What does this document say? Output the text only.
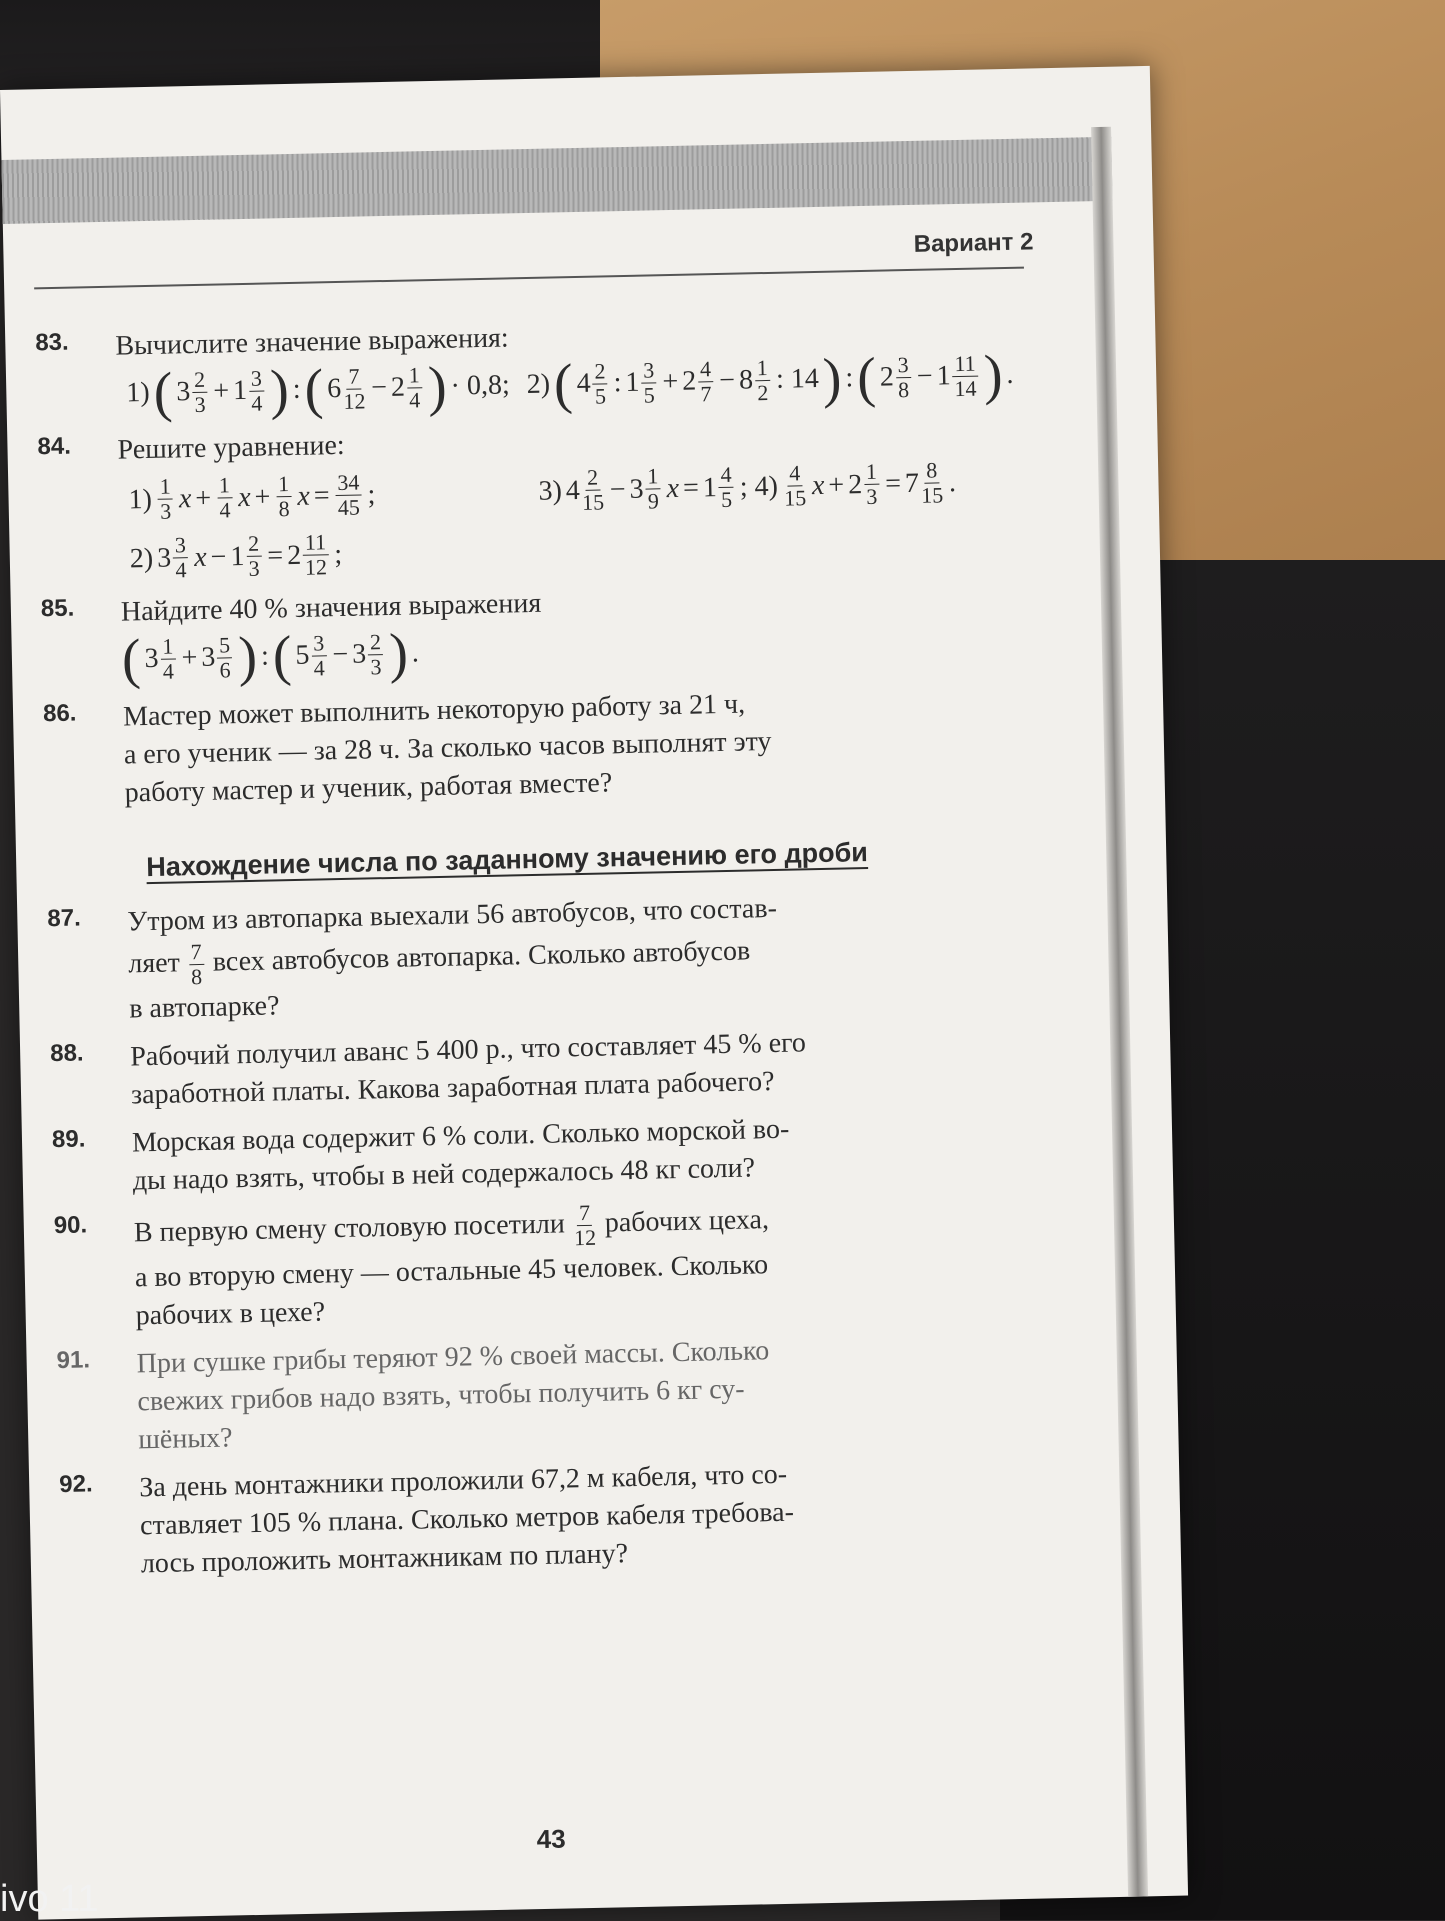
Вариант 2
83. Вычислите значение выражения:
1) ( $3 \frac{2}{3} + 1 \frac{3}{4}$ ) : ( $6 \frac{7}{12} - 2 \frac{1}{4}$ ) · 0,8;
2) ( $4 \frac{2}{5}$ : $1 \frac{3}{5} + 2 \frac{4}{7} - 8 \frac{1}{2}$ : 14 ) : ( $2 \frac{3}{8} - 1 \frac{11}{14}$ ) .
84. Решите уравнение:
$1) \frac{1}{3}$ $x + \frac{1}{4}$ $x + \frac{1}{8}$ $x = \frac{34}{45}$ ;

2) $3 \frac{3}{4}$ $x - 1 \frac{2}{3} = 2 \frac{11}{12}$ ;
3) $4 \frac{2}{15} - 3 \frac{1}{9}$ $x = 1 \frac{4}{5}$ ;
$4) \frac{4}{15}$ $x + 2 \frac{1}{3} = 7 \frac{8}{15}$ .
85. Найдите 40 % значения выражения
( $3 \frac{1}{4} + 3 \frac{5}{6}$ ) : ( $5 \frac{3}{4} - 3 \frac{2}{3}$ ) .
86. Мастер может выполнить некоторую работу за 21 ч,
а его ученик — за 28 ч. За сколько часов выполнят эту
работу мастер и ученик, работая вместе?
Нахождение числа по заданному значению его дроби
87. Утром из автопарка выехали 56 автобусов, что состав-
ляет $\frac{7}{8}$ всех автобусов автопарка. Сколько автобусов
в автопарке?
88. Рабочий получил аванс 5 400 р., что составляет 45 % его
заработной платы. Какова заработная плата рабочего?
89. Морская вода содержит 6 % соли. Сколько морской во-
ды надо взять, чтобы в ней содержалось 48 кг соли?
90. В первую смену столовую посетили $\frac{7}{12}$ рабочих цеха,
а во вторую смену — остальные 45 человек. Сколько
рабочих в цехе?
91. При сушке грибы теряют 92 % своей массы. Сколько
свежих грибов надо взять, чтобы получить 6 кг су-
шёных?
92. За день монтажники проложили 67,2 м кабеля, что со-
ставляет 105 % плана. Сколько метров кабеля требова-
лось проложить монтажникам по плану?
43
ivo 11
